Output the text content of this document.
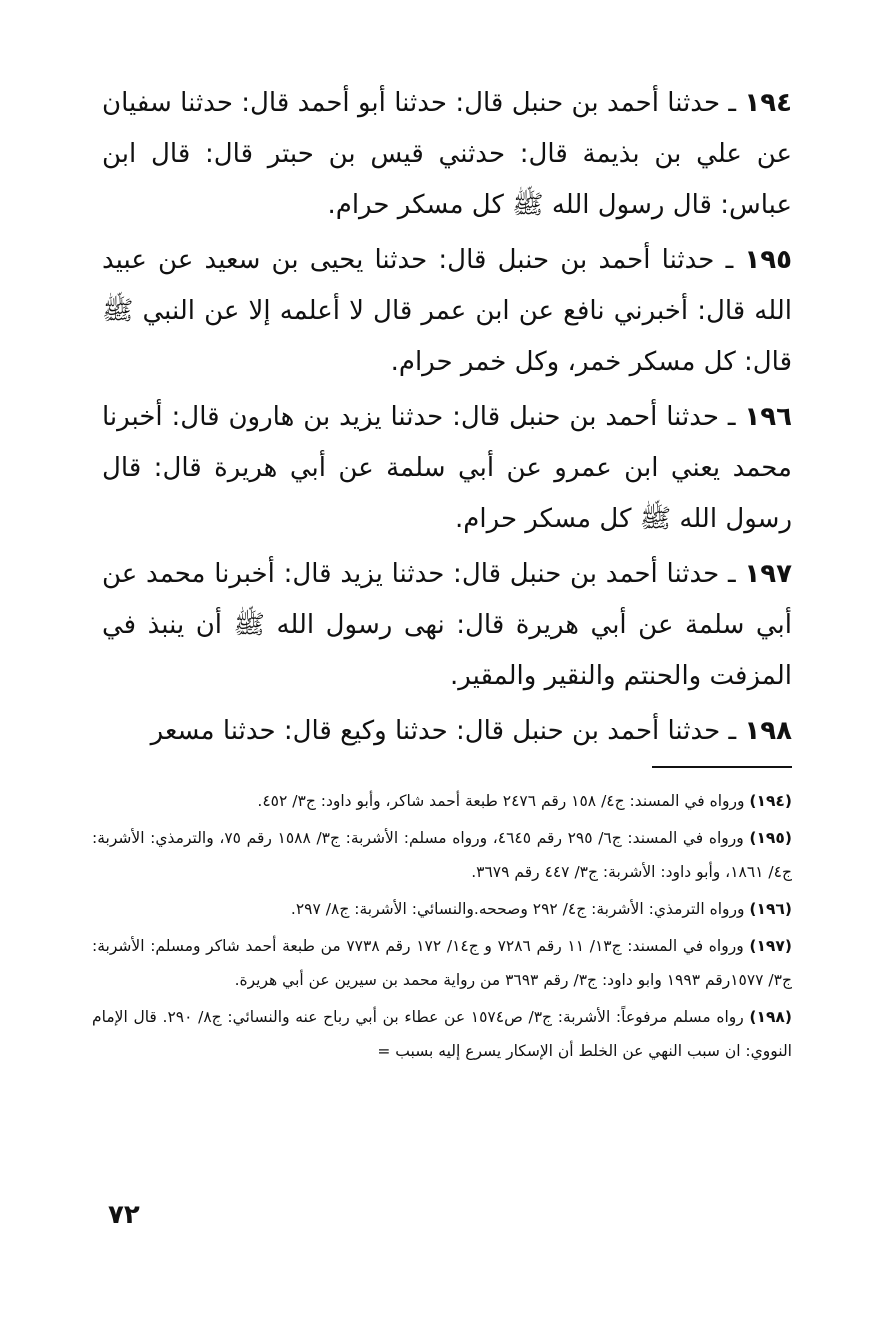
١٩٤ ـ حدثنا أحمد بن حنبل قال: حدثنا أبو أحمد قال: حدثنا سفيان عن علي بن بذيمة قال: حدثني قيس بن حبتر قال: قال ابن عباس: قال رسول الله ﷺ كل مسكر حرام.

١٩٥ ـ حدثنا أحمد بن حنبل قال: حدثنا يحيى بن سعيد عن عبيد الله قال: أخبرني نافع عن ابن عمر قال لا أعلمه إلا عن النبي ﷺ قال: كل مسكر خمر، وكل خمر حرام.

١٩٦ ـ حدثنا أحمد بن حنبل قال: حدثنا يزيد بن هارون قال: أخبرنا محمد يعني ابن عمرو عن أبي سلمة عن أبي هريرة قال: قال رسول الله ﷺ كل مسكر حرام.

١٩٧ ـ حدثنا أحمد بن حنبل قال: حدثنا يزيد قال: أخبرنا محمد عن أبي سلمة عن أبي هريرة قال: نهى رسول الله ﷺ أن ينبذ في المزفت والحنتم والنقير والمقير.

١٩٨ ـ حدثنا أحمد بن حنبل قال: حدثنا وكيع قال: حدثنا مسعر

(١٩٤) ورواه في المسند: ج٤/ ١٥٨ رقم ٢٤٧٦ طبعة أحمد شاكر، وأبو داود: ج٣/ ٤٥٢.

(١٩٥) ورواه في المسند: ج٦/ ٢٩٥ رقم ٤٦٤٥، ورواه مسلم: الأشربة: ج٣/ ١٥٨٨ رقم ٧٥، والترمذي: الأشربة: ج٤/ ١٨٦١، وأبو داود: الأشربة: ج٣/ ٤٤٧ رقم ٣٦٧٩.

(١٩٦) ورواه الترمذي: الأشربة: ج٤/ ٢٩٢ وصححه.والنسائي: الأشربة: ج٨/ ٢٩٧.

(١٩٧) ورواه في المسند: ج١٣/ ١١ رقم ٧٢٨٦ و ج١٤/ ١٧٢ رقم ٧٧٣٨ من طبعة أحمد شاكر ومسلم: الأشربة: ج٣/ ١٥٧٧رقم ١٩٩٣ وابو داود: ج٣/ رقم ٣٦٩٣ من رواية محمد بن سيرين عن أبي هريرة.

(١٩٨) رواه مسلم مرفوعاً: الأشربة: ج٣/ ص١٥٧٤ عن عطاء بن أبي رباح عنه والنسائي: ج٨/ ٢٩٠. قال الإمام النووي: ان سبب النهي عن الخلط أن الإسكار يسرع إليه بسبب =

٧٢
